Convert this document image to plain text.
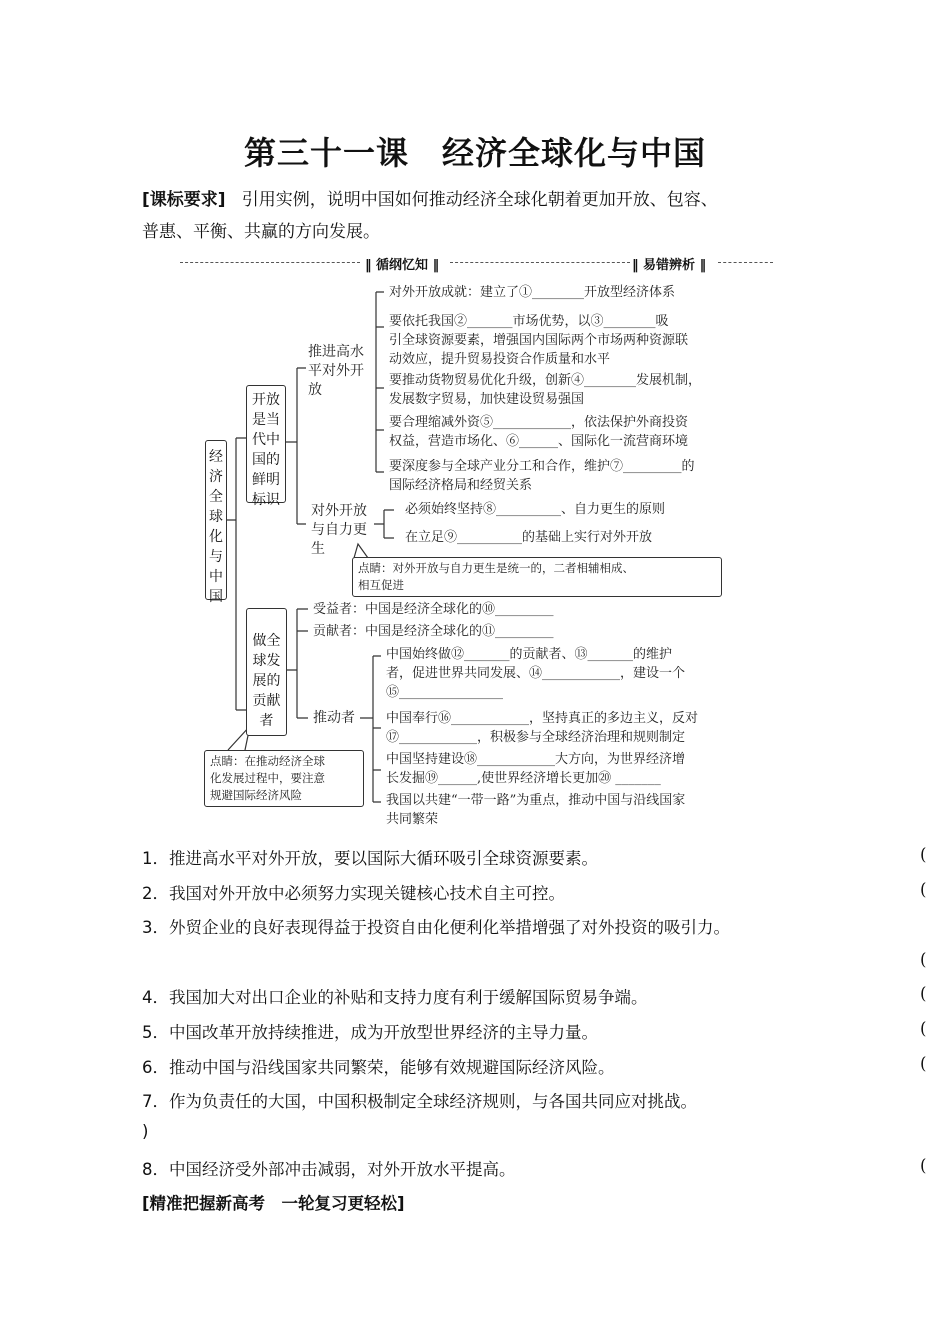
第三十一课　经济全球化与中国
[课标要求] 引用实例，说明中国如何推动经济全球化朝着更加开放、包容、
普惠、平衡、共赢的方向发展。
‖ 循纲忆知 ‖	‖ 易错辨析 ‖
经济全球化与中国
开放是当代中国的鲜明标识
做全球发展的贡献者
推进高水
平对外开
放
对外开放成就：建立了①________开放型经济体系
要依托我国②_______市场优势，以③________吸
引全球资源要素，增强国内国际两个市场两种资源联
动效应，提升贸易投资合作质量和水平
要推动货物贸易优化升级，创新④________发展机制，
发展数字贸易，加快建设贸易强国
要合理缩减外资⑤____________，依法保护外商投资
权益，营造市场化、⑥______、国际化一流营商环境
要深度参与全球产业分工和合作，维护⑦_________的
国际经济格局和经贸关系
对外开放
与自力更
生
必须始终坚持⑧__________、自力更生的原则
在立足⑨__________的基础上实行对外开放
点睛：对外开放与自力更生是统一的，二者相辅相成、
相互促进
受益者：中国是经济全球化的⑩_________
贡献者：中国是经济全球化的⑪_________
推动者
中国始终做⑫_______的贡献者、⑬_______的维护
者，促进世界共同发展、⑭____________，建设一个
⑮________________
中国奉行⑯____________，坚持真正的多边主义，反对
⑰____________，积极参与全球经济治理和规则制定
中国坚持建设⑱____________大方向，为世界经济增
长发掘⑲______,使世界经济增长更加⑳ _______
我国以共建“一带一路”为重点，推动中国与沿线国家
共同繁荣
点睛：在推动经济全球
化发展过程中，要注意
规避国际经济风险
1．推进高水平对外开放，要以国际大循环吸引全球资源要素。	(
2．我国对外开放中必须努力实现关键核心技术自主可控。	(
3．外贸企业的良好表现得益于投资自由化便利化举措增强了对外投资的吸引力。
(
4．我国加大对出口企业的补贴和支持力度有利于缓解国际贸易争端。	(
5．中国改革开放持续推进，成为开放型世界经济的主导力量。	(
6．推动中国与沿线国家共同繁荣，能够有效规避国际经济风险。	(
7．作为负责任的大国，中国积极制定全球经济规则，与各国共同应对挑战。
)
8．中国经济受外部冲击减弱，对外开放水平提高。	(
[精准把握新高考　一轮复习更轻松]
